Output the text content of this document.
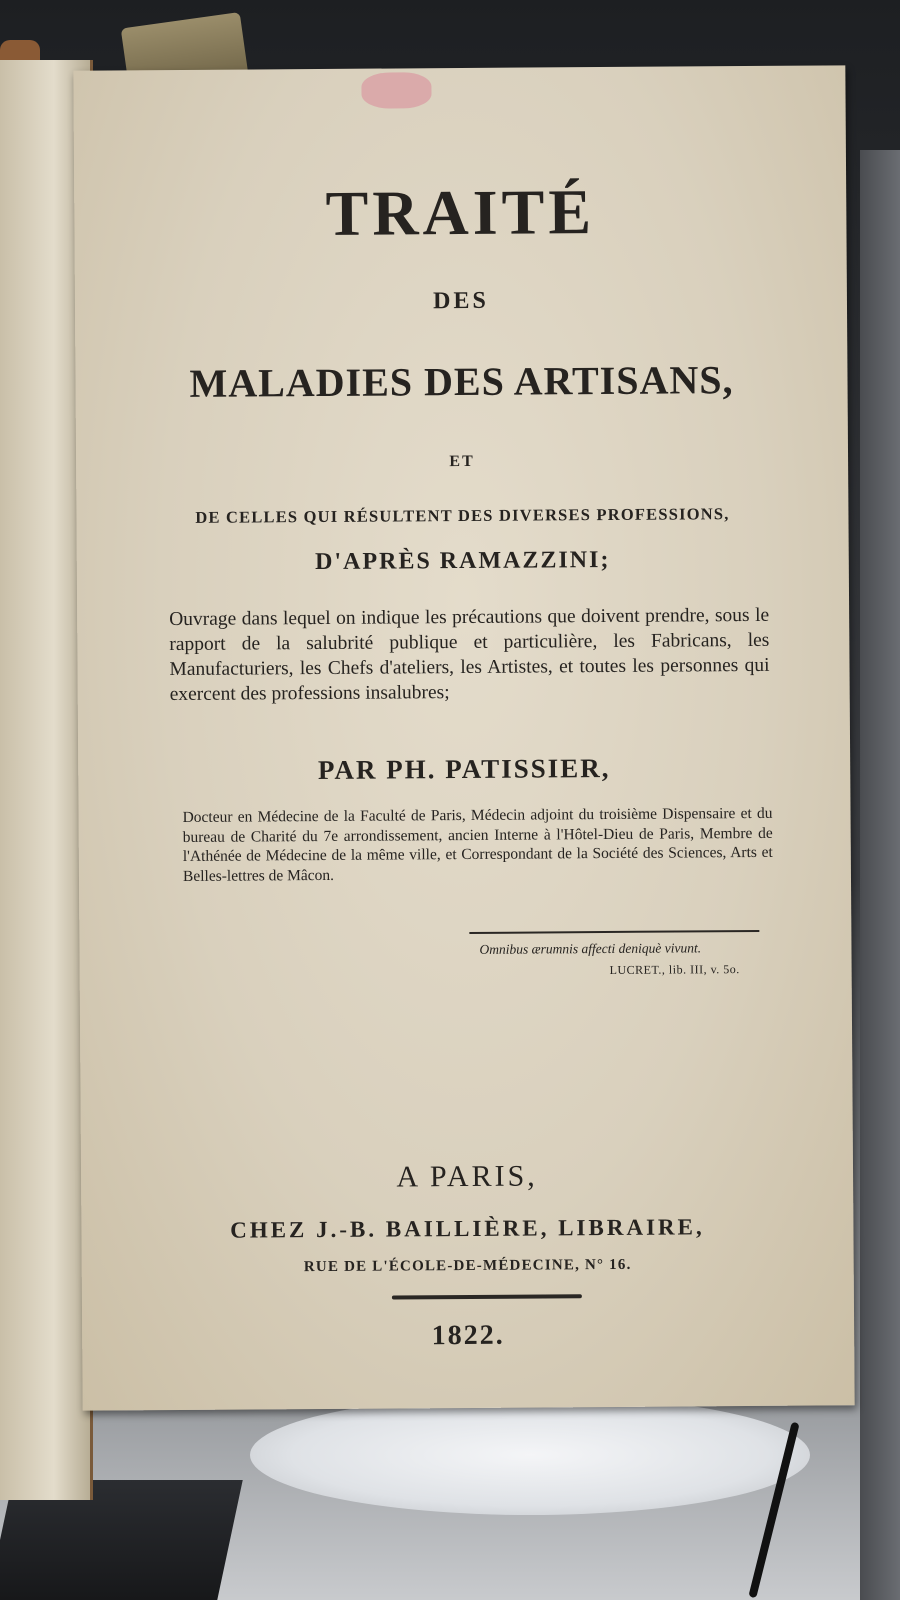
TRAITÉ
DES
MALADIES DES ARTISANS,
ET
DE CELLES QUI RÉSULTENT DES DIVERSES PROFESSIONS,
D'APRÈS RAMAZZINI;
Ouvrage dans lequel on indique les précautions que doivent prendre, sous le rapport de la salubrité publique et particulière, les Fabricans, les Manufacturiers, les Chefs d'ateliers, les Artistes, et toutes les personnes qui exercent des professions insalubres;
PAR PH. PATISSIER,
Docteur en Médecine de la Faculté de Paris, Médecin adjoint du troisième Dispensaire et du bureau de Charité du 7e arrondissement, ancien Interne à l'Hôtel-Dieu de Paris, Membre de l'Athénée de Médecine de la même ville, et Correspondant de la Société des Sciences, Arts et Belles-lettres de Mâcon.
Omnibus ærumnis affecti deniquè vivunt.
LUCRET., lib. III, v. 5o.
A PARIS,
CHEZ J.-B. BAILLIÈRE, LIBRAIRE,
RUE DE L'ÉCOLE-DE-MÉDECINE, N° 16.
1822.
